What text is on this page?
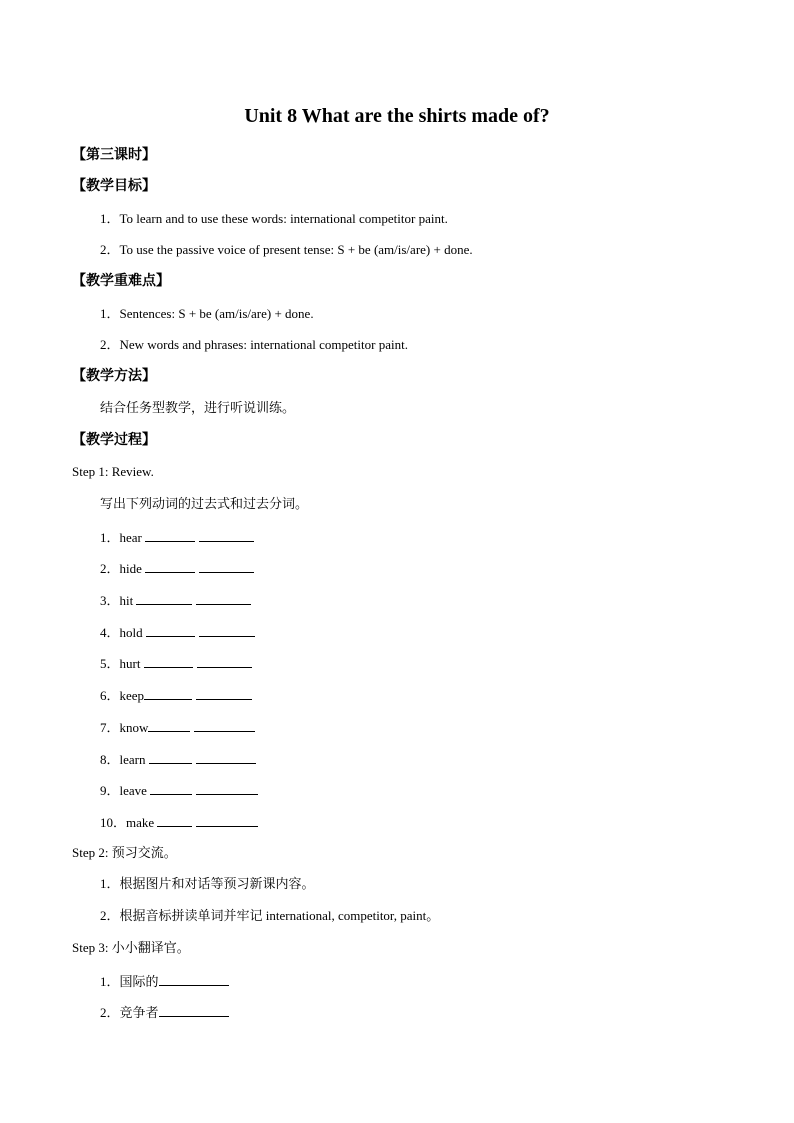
Unit 8 What are the shirts made of?
【第三课时】
【教学目标】
1．To learn and to use these words: international competitor paint.
2．To use the passive voice of present tense: S + be (am/is/are) + done.
【教学重难点】
1．Sentences: S + be (am/is/are) + done.
2．New words and phrases: international competitor paint.
【教学方法】
结合任务型教学，进行听说训练。
【教学过程】
Step 1: Review.
写出下列动词的过去式和过去分词。
1．hear
2．hide
3．hit
4．hold
5．hurt
6．keep
7．know
8．learn
9．leave
10．make
Step 2: 预习交流。
1．根据图片和对话等预习新课内容。
2．根据音标拼读单词并牢记 international, competitor, paint。
Step 3: 小小翻译官。
1．国际的
2．竞争者
